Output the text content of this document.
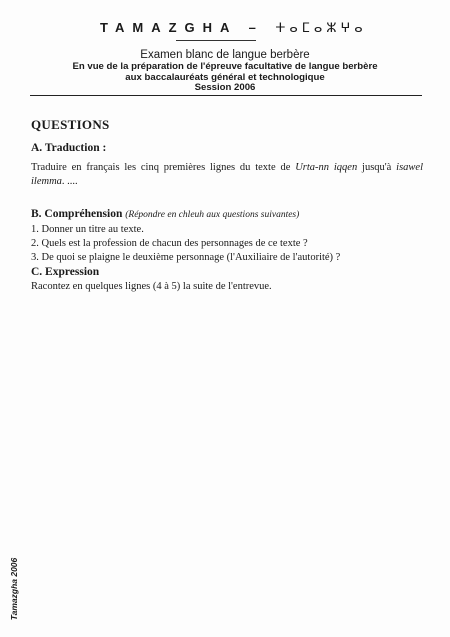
TAMAZGHA – ⵜⴰⵎⴰⵣⵖⴰ
Examen blanc de langue berbère
En vue de la préparation de l'épreuve facultative de langue berbère
aux baccalauréats général et technologique
Session 2006
QUESTIONS
A. Traduction :

Traduire en français les cinq premières lignes du texte de Urta-nn iqqen jusqu'à isawel ilemma. ....

B. Compréhension (Répondre en chleuh aux questions suivantes)
1. Donner un titre au texte.
2. Quels est la profession de chacun des personnages de ce texte ?
3. De quoi se plaigne le deuxième personnage (l'Auxiliaire de l'autorité) ?
C. Expression
Racontez en quelques lignes (4 à 5) la suite de l'entrevue.
Tamazgha 2006
